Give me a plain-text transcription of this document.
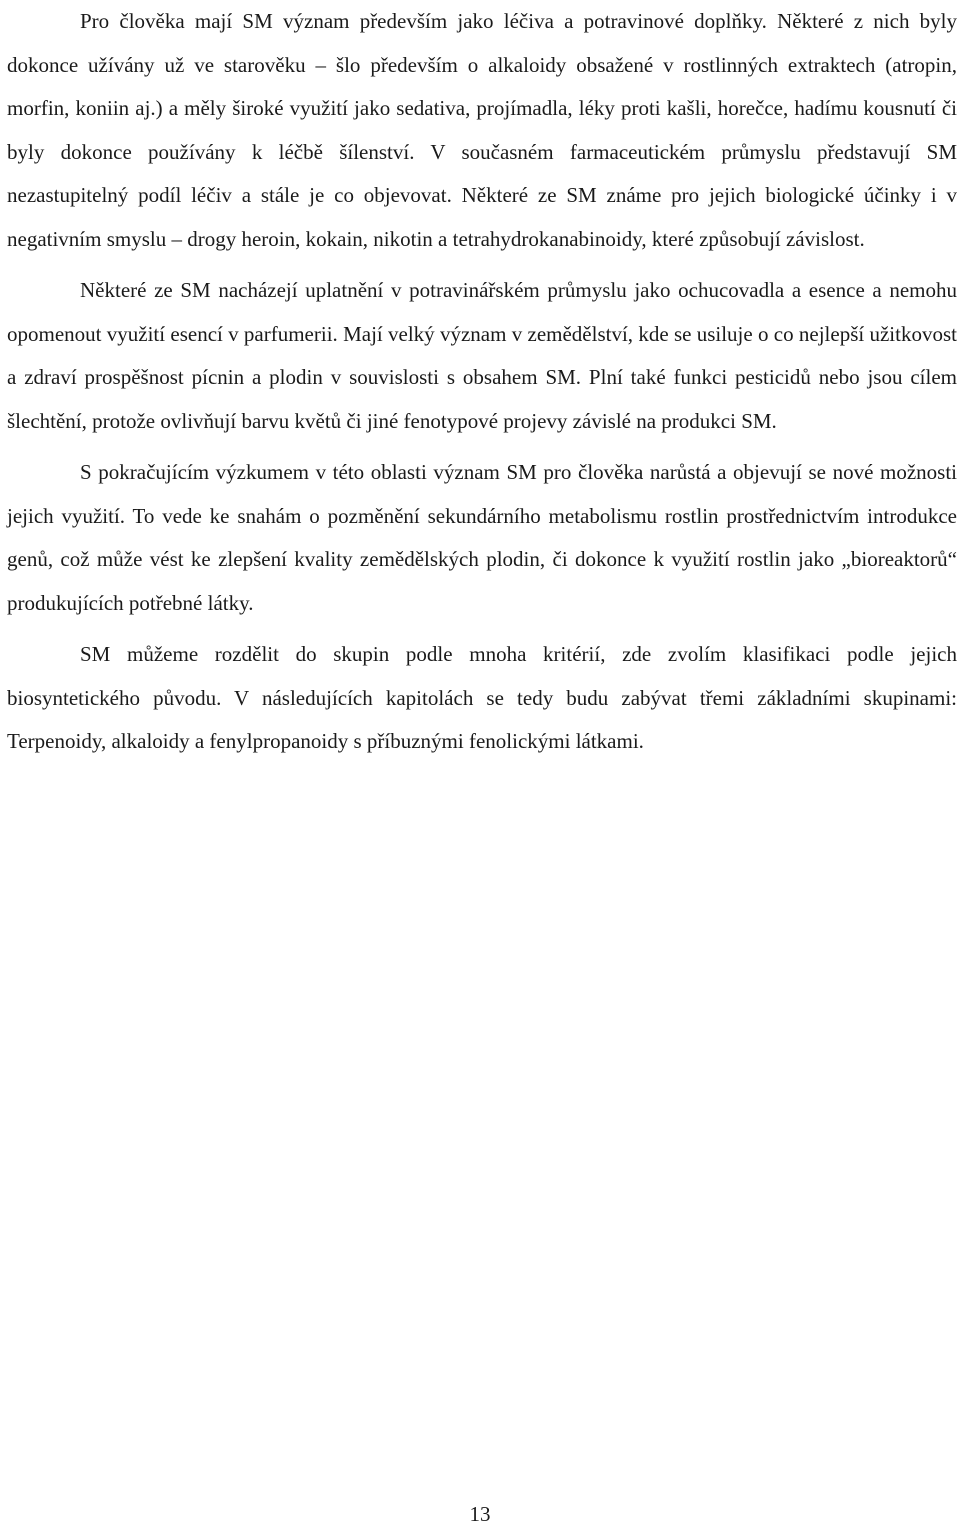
Pro člověka mají SM význam především jako léčiva a potravinové doplňky. Některé z nich byly dokonce užívány už ve starověku – šlo především o alkaloidy obsažené v rostlinných extraktech (atropin, morfin, koniin aj.) a měly široké využití jako sedativa, projímadla, léky proti kašli, horečce, hadímu kousnutí či byly dokonce používány k léčbě šílenství. V současném farmaceutickém průmyslu představují SM nezastupitelný podíl léčiv a stále je co objevovat. Některé ze SM známe pro jejich biologické účinky i v negativním smyslu – drogy heroin, kokain, nikotin a tetrahydrokanabinoidy, které způsobují závislost.

Některé ze SM nacházejí uplatnění v potravinářském průmyslu jako ochucovadla a esence a nemohu opomenout využití esencí v parfumerii. Mají velký význam v zemědělství, kde se usiluje o co nejlepší užitkovost a zdraví prospěšnost pícnin a plodin v souvislosti s obsahem SM. Plní také funkci pesticidů nebo jsou cílem šlechtění, protože ovlivňují barvu květů či jiné fenotypové projevy závislé na produkci SM.

S pokračujícím výzkumem v této oblasti význam SM pro člověka narůstá a objevují se nové možnosti jejich využití. To vede ke snahám o pozměnění sekundárního metabolismu rostlin prostřednictvím introdukce genů, což může vést ke zlepšení kvality zemědělských plodin, či dokonce k využití rostlin jako „bioreaktorů“ produkujících potřebné látky.

SM můžeme rozdělit do skupin podle mnoha kritérií, zde zvolím klasifikaci podle jejich biosyntetického původu. V následujících kapitolách se tedy budu zabývat třemi základními skupinami: Terpenoidy, alkaloidy a fenylpropanoidy s příbuznými fenolickými látkami.

13
